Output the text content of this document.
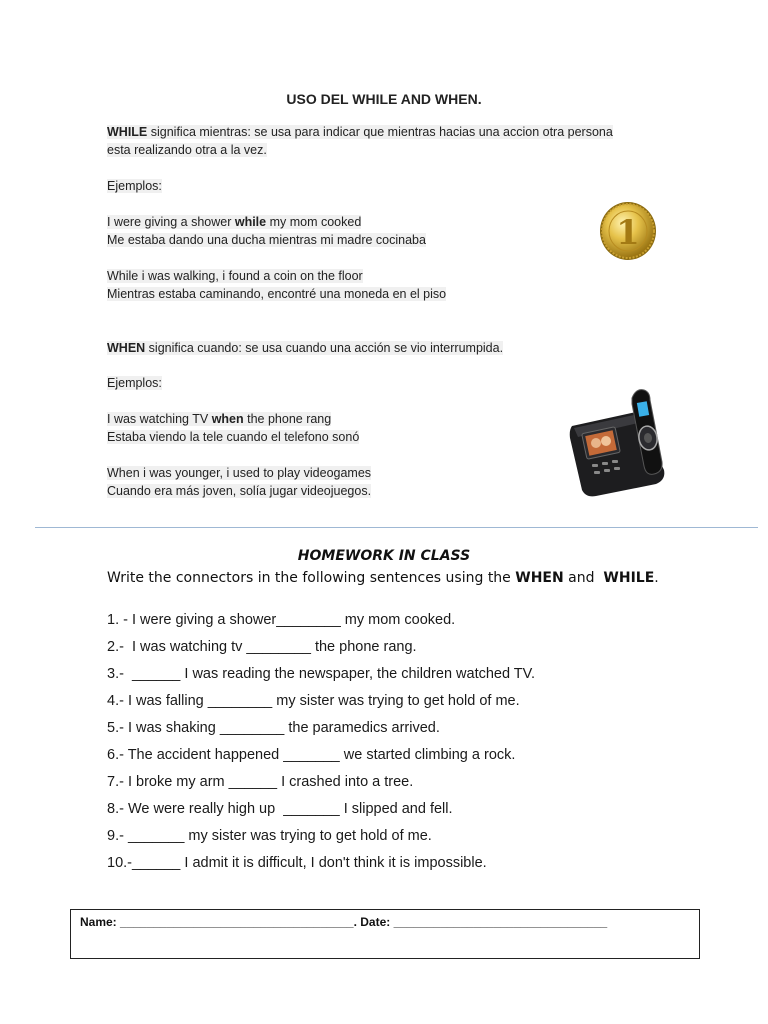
USO DEL WHILE AND WHEN.
WHILE significa mientras: se usa para indicar que mientras hacias una accion otra persona
esta realizando otra a la vez.
Ejemplos:
I were giving a shower while my mom cooked
Me estaba dando una ducha mientras mi madre cocinaba
While i was walking, i found a coin on the floor
Mientras estaba caminando, encontré una moneda en el piso
1
WHEN significa cuando: se usa cuando una acción se vio interrumpida.
Ejemplos:
I was watching TV when the phone rang
Estaba viendo la tele cuando el telefono sonó
When i was younger, i used to play videogames
Cuando era más joven, solía jugar videojuegos.
HOMEWORK IN CLASS
Write the connectors in the following sentences using the WHEN and  WHILE.
1. - I were giving a shower________ my mom cooked.
2.-  I was watching tv ________ the phone rang.
3.-  ______ I was reading the newspaper, the children watched TV.
4.- I was falling ________ my sister was trying to get hold of me.
5.- I was shaking ________ the paramedics arrived.
6.- The accident happened _______ we started climbing a rock.
7.- I broke my arm ______ I crashed into a tree.
8.- We were really high up  _______ I slipped and fell.
9.- _______ my sister was trying to get hold of me.
10.-______ I admit it is difficult, I don't think it is impossible.
Name: ___________________________________. Date: ________________________________
